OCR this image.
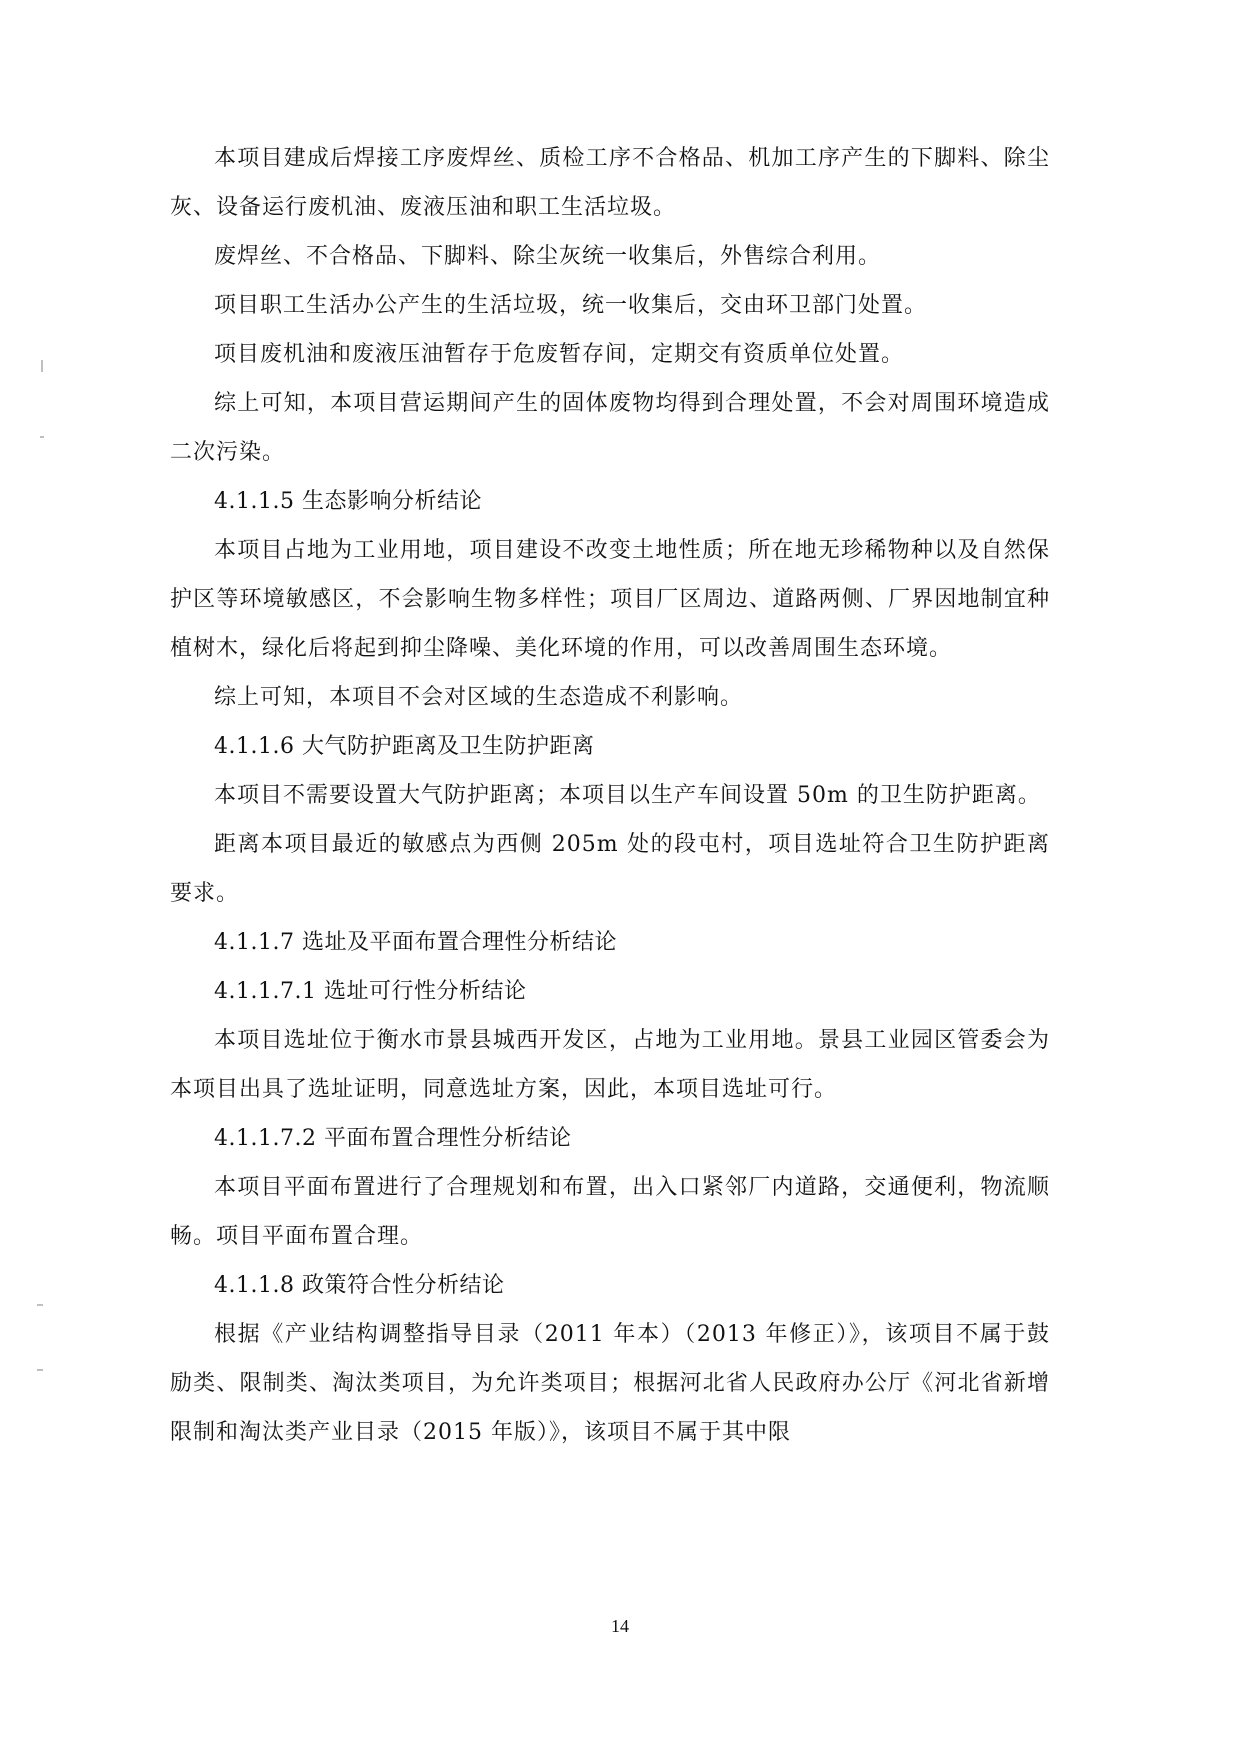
本项目建成后焊接工序废焊丝、质检工序不合格品、机加工序产生的下脚料、除尘灰、设备运行废机油、废液压油和职工生活垃圾。

废焊丝、不合格品、下脚料、除尘灰统一收集后，外售综合利用。

项目职工生活办公产生的生活垃圾，统一收集后，交由环卫部门处置。

项目废机油和废液压油暂存于危废暂存间，定期交有资质单位处置。

综上可知，本项目营运期间产生的固体废物均得到合理处置，不会对周围环境造成二次污染。

4.1.1.5 生态影响分析结论

本项目占地为工业用地，项目建设不改变土地性质；所在地无珍稀物种以及自然保护区等环境敏感区，不会影响生物多样性；项目厂区周边、道路两侧、厂界因地制宜种植树木，绿化后将起到抑尘降噪、美化环境的作用，可以改善周围生态环境。

综上可知，本项目不会对区域的生态造成不利影响。

4.1.1.6 大气防护距离及卫生防护距离

本项目不需要设置大气防护距离；本项目以生产车间设置 50m 的卫生防护距离。

距离本项目最近的敏感点为西侧 205m 处的段屯村，项目选址符合卫生防护距离要求。

4.1.1.7 选址及平面布置合理性分析结论

4.1.1.7.1 选址可行性分析结论

本项目选址位于衡水市景县城西开发区，占地为工业用地。景县工业园区管委会为本项目出具了选址证明，同意选址方案，因此，本项目选址可行。

4.1.1.7.2 平面布置合理性分析结论

本项目平面布置进行了合理规划和布置，出入口紧邻厂内道路，交通便利，物流顺畅。项目平面布置合理。

4.1.1.8 政策符合性分析结论

根据《产业结构调整指导目录（2011 年本）（2013 年修正）》，该项目不属于鼓励类、限制类、淘汰类项目，为允许类项目；根据河北省人民政府办公厅《河北省新增限制和淘汰类产业目录（2015 年版）》，该项目不属于其中限

14
